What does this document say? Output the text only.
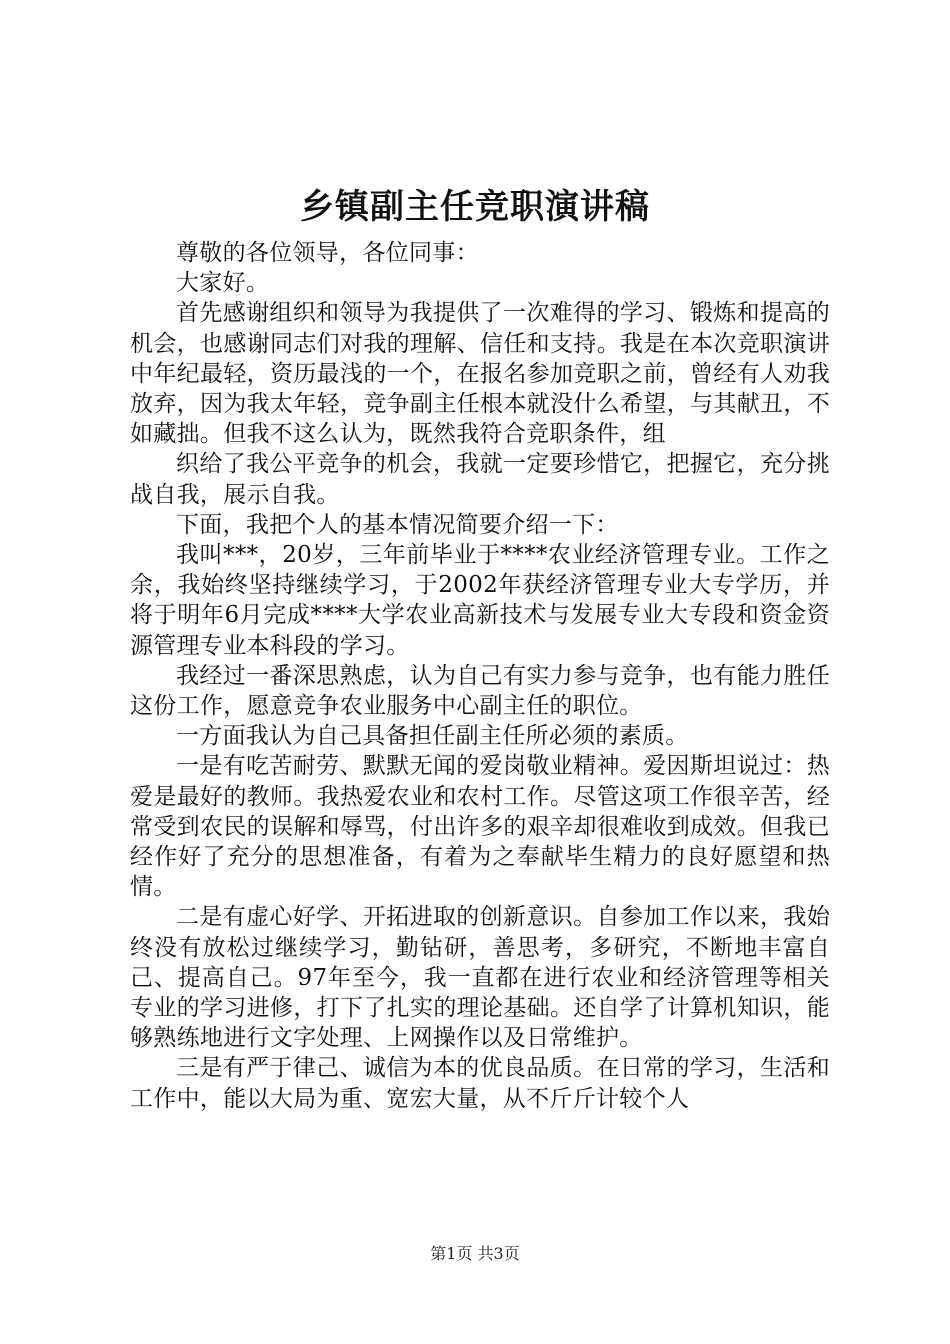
乡镇副主任竞职演讲稿

尊敬的各位领导，各位同事：

大家好。

首先感谢组织和领导为我提供了一次难得的学习、锻炼和提高的机会，也感谢同志们对我的理解、信任和支持。我是在本次竞职演讲中年纪最轻，资历最浅的一个，在报名参加竞职之前，曾经有人劝我放弃，因为我太年轻，竞争副主任根本就没什么希望，与其献丑，不如藏拙。但我不这么认为，既然我符合竞职条件，组

织给了我公平竞争的机会，我就一定要珍惜它，把握它，充分挑战自我，展示自我。

下面，我把个人的基本情况简要介绍一下：

我叫***，20岁，三年前毕业于****农业经济管理专业。工作之余，我始终坚持继续学习，于2002年获经济管理专业大专学历，并将于明年6月完成****大学农业高新技术与发展专业大专段和资金资源管理专业本科段的学习。

我经过一番深思熟虑，认为自己有实力参与竞争，也有能力胜任这份工作，愿意竞争农业服务中心副主任的职位。

一方面我认为自己具备担任副主任所必须的素质。

一是有吃苦耐劳、默默无闻的爱岗敬业精神。爱因斯坦说过：热爱是最好的教师。我热爱农业和农村工作。尽管这项工作很辛苦，经常受到农民的误解和辱骂，付出许多的艰辛却很难收到成效。但我已经作好了充分的思想准备，有着为之奉献毕生精力的良好愿望和热情。

二是有虚心好学、开拓进取的创新意识。自参加工作以来，我始终没有放松过继续学习，勤钻研，善思考，多研究，不断地丰富自己、提高自己。97年至今，我一直都在进行农业和经济管理等相关专业的学习进修，打下了扎实的理论基础。还自学了计算机知识，能够熟练地进行文字处理、上网操作以及日常维护。

三是有严于律己、诚信为本的优良品质。在日常的学习，生活和工作中，能以大局为重、宽宏大量，从不斤斤计较个人

第1页 共3页
